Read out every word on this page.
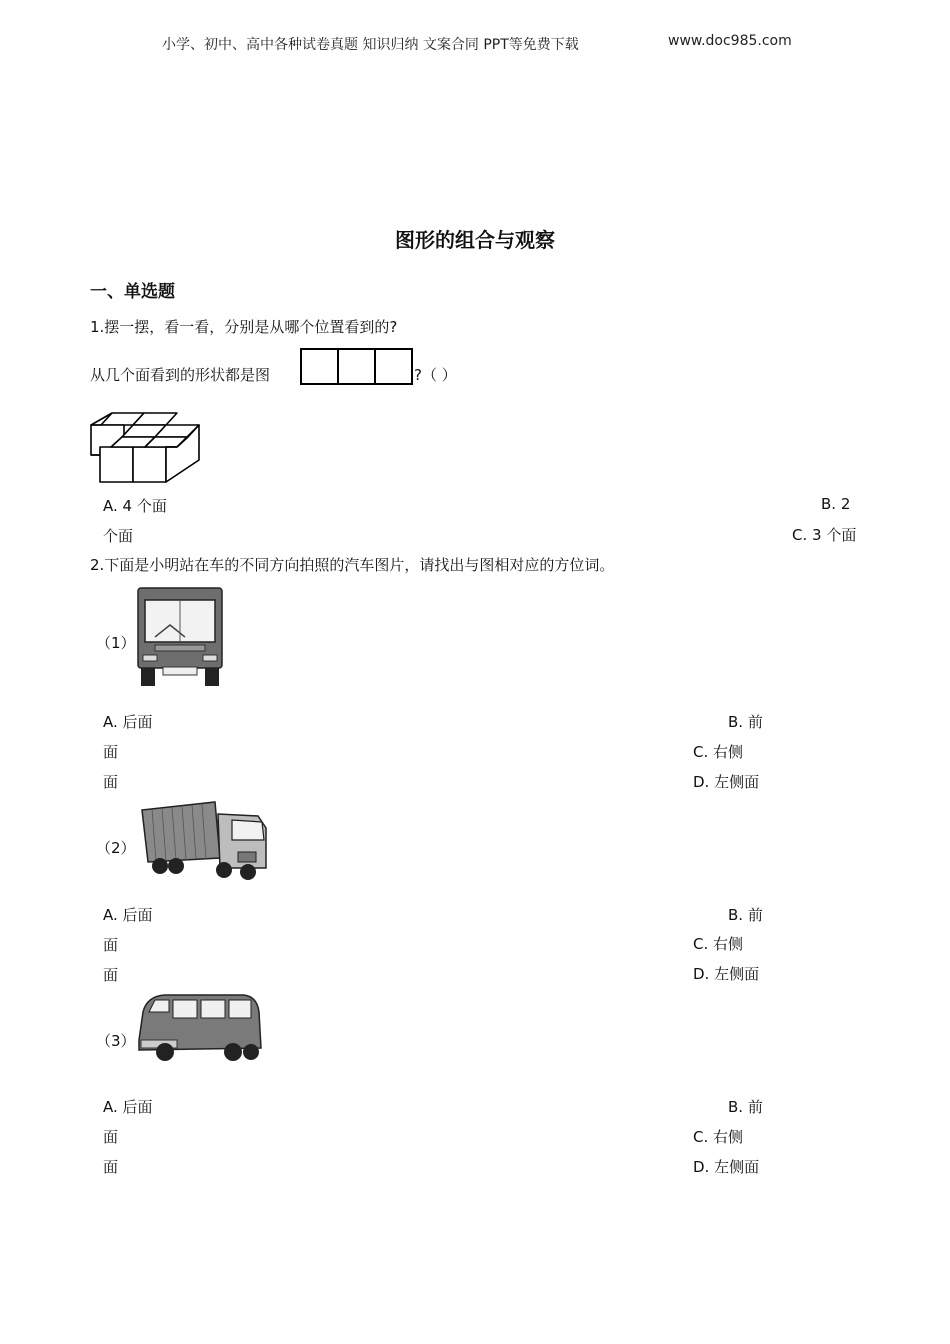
小学、初中、高中各种试卷真题 知识归纳 文案合同 PPT等免费下载	www.doc985.com
图形的组合与观察
一、单选题
1.摆一摆，看一看，分别是从哪个位置看到的?
从几个面看到的形状都是图	?（ ）
A. 4 个面	B. 2
个面	C. 3 个面
2.下面是小明站在车的不同方向拍照的汽车图片，请找出与图相对应的方位词。
（1）
A. 后面	B. 前
面	C. 右侧
面	D. 左侧面
（2）
A. 后面	B. 前
面	C. 右侧
面	D. 左侧面
（3）
A. 后面	B. 前
面	C. 右侧
面	D. 左侧面
